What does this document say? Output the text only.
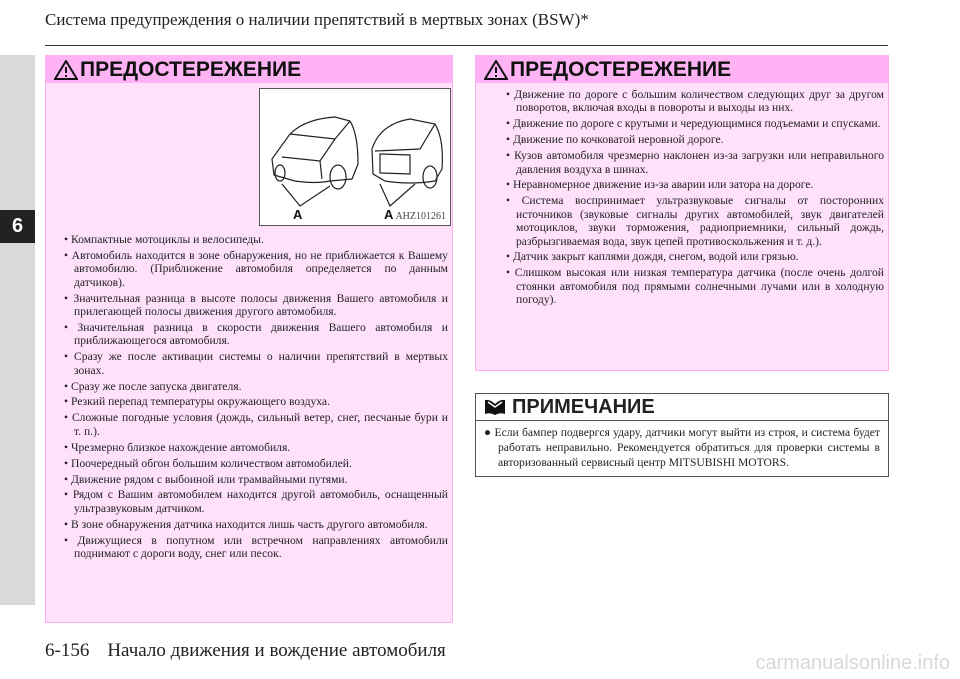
Система предупреждения о наличии препятствий в мертвых зонах (BSW)*
6
ПРЕДОСТЕРЕЖЕНИЕ
A	A AHZ101261
• Компактные мотоциклы и велосипеды.
• Автомобиль находится в зоне обнаружения, но не приближается к Вашему автомобилю. (Приближение автомобиля определяется по данным датчиков).
• Значительная разница в высоте полосы движения Вашего автомобиля и прилегающей полосы движения другого автомобиля.
• Значительная разница в скорости движения Вашего автомобиля и приближающегося автомобиля.
• Сразу же после активации системы о наличии препятствий в мертвых зонах.
• Сразу же после запуска двигателя.
• Резкий перепад температуры окружающего воздуха.
• Сложные погодные условия (дождь, сильный ветер, снег, песчаные бури и т. п.).
• Чрезмерно близкое нахождение автомобиля.
• Поочередный обгон большим количеством автомобилей.
• Движение рядом с выбоиной или трамвайными путями.
• Рядом с Вашим автомобилем находится другой автомобиль, оснащенный ультразвуковым датчиком.
• В зоне обнаружения датчика находится лишь часть другого автомобиля.
• Движущиеся в попутном или встречном направлениях автомобили поднимают с дороги воду, снег или песок.
ПРЕДОСТЕРЕЖЕНИЕ
• Движение по дороге с большим количеством следующих друг за другом поворотов, включая входы в повороты и выходы из них.
• Движение по дороге с крутыми и чередующимися подъемами и спусками.
• Движение по кочковатой неровной дороге.
• Кузов автомобиля чрезмерно наклонен из-за загрузки или неправильного давления воздуха в шинах.
• Неравномерное движение из-за аварии или затора на дороге.
• Система воспринимает ультразвуковые сигналы от посторонних источников (звуковые сигналы других автомобилей, звук двигателей мотоциклов, звуки торможения, радиоприемники, сильный дождь, разбрызгиваемая вода, звук цепей противоскольжения и т. д.).
• Датчик закрыт каплями дождя, снегом, водой или грязью.
• Слишком высокая или низкая температура датчика (после очень долгой стоянки автомобиля под прямыми солнечными лучами или в холодную погоду).
ПРИМЕЧАНИЕ
● Если бампер подвергся удару, датчики могут выйти из строя, и система будет работать неправильно. Рекомендуется обратиться для проверки системы в авторизованный сервисный центр MITSUBISHI MOTORS.
6-156 Начало движения и вождение автомобиля
carmanualsonline.info
